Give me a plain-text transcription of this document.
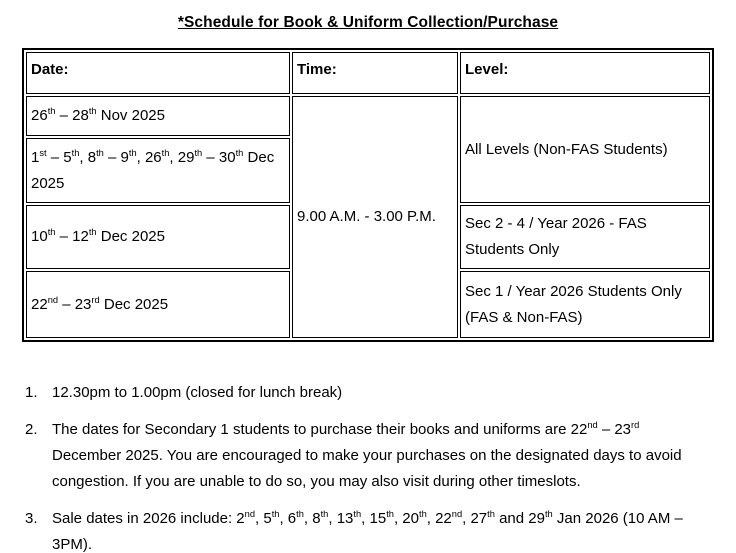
*Schedule for Book & Uniform Collection/Purchase
Date:	Time:	Level:
26th – 28th Nov 2025	9.00 A.M. - 3.00 P.M.	All Levels (Non-FAS Students)
1st – 5th, 8th – 9th, 26th, 29th – 30th Dec 2025		
10th – 12th Dec 2025		Sec 2 - 4 / Year 2026 - FAS Students Only
22nd – 23rd Dec 2025		Sec 1 / Year 2026 Students Only (FAS & Non-FAS)
1. 12.30pm to 1.00pm (closed for lunch break)
2. The dates for Secondary 1 students to purchase their books and uniforms are 22nd – 23rd December 2025. You are encouraged to make your purchases on the designated days to avoid congestion. If you are unable to do so, you may also visit during other timeslots.
3. Sale dates in 2026 include: 2nd, 5th, 6th, 8th, 13th, 15th, 20th, 22nd, 27th and 29th Jan 2026 (10 AM – 3PM).
